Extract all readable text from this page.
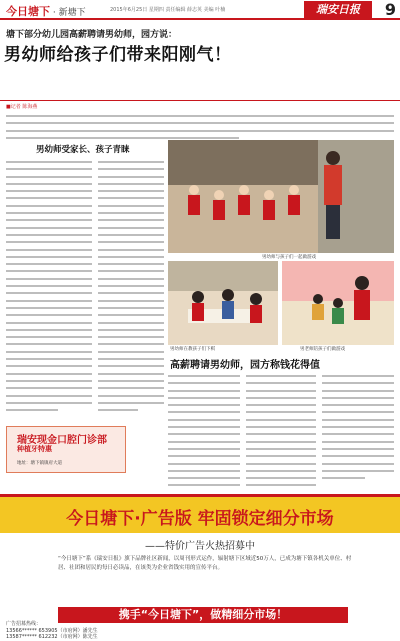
今日塘下 · 新塘下	2015年6月25日 星期四 责任编辑 薛志英 美编 叶楠	瑞安日报	9
塘下部分幼儿园高薪聘请男幼师，园方说：
男幼师给孩子们带来阳刚气！
■记者 陈海燕
男幼师受家长、孩子青睐
男幼师与孩子们一起做游戏
男幼师在教孩子们下棋	男老师陪孩子们做游戏
高薪聘请男幼师，园方称钱花得值
瑞安现金口腔门诊部
种植牙特惠
地址：塘下镇镇府大道
今日塘下·广告版 牢固锁定细分市场
——特价广告火热招募中
“今日塘下”系《瑞安日报》旗下品牌社区新闻，以周刊形式运作，辐射塘下区域近50万人，已成为塘下镇各机关单位、村居、社团和居民的每日必读品，在该类为企业省钱实用的宣传平台。
携手“今日塘下”，做精细分市场！
广告招募热线：
13566****** 653905（市府网）潘先生
13587****** 612232（市府网）陈先生
